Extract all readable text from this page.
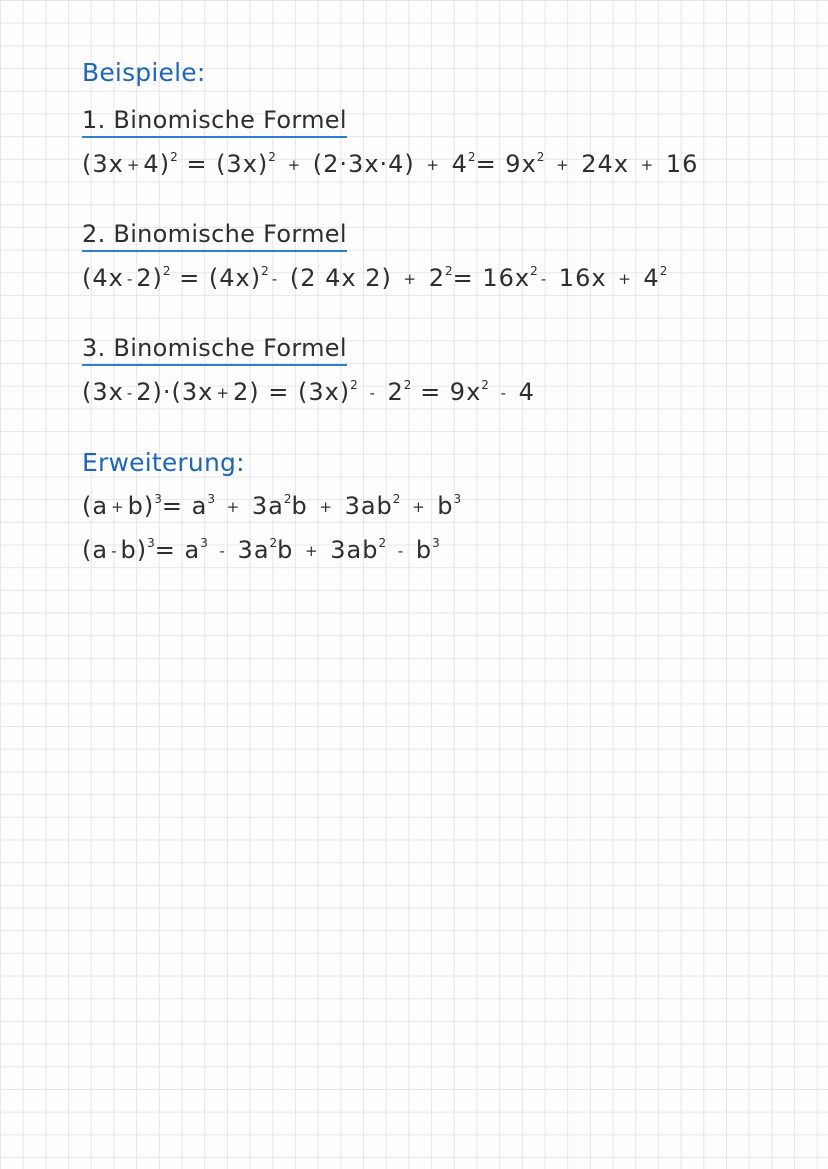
Beispiele:
1. Binomische Formel
$(3x + 4)^2 = (3x)^2 + (2\cdot 3x\cdot 4) + 4^2= 9x^2 + 24x + 16$
2. Binomische Formel
$(4x - 2)^2 = (4x)^2 - (2$ 4x $2) + 2^2= 16x^2 - 16x + 4^2$
3. Binomische Formel
$(3x - 2)\cdot(3x + 2) = (3x)^2 - 2^2 = 9x^2 - 4$
Erweiterung:
$(a + b)^3= a^3 + 3a^2b + 3ab^2 + b^3$
$(a - b)^3= a^3 - 3a^2b + 3ab^2 - b^3$
